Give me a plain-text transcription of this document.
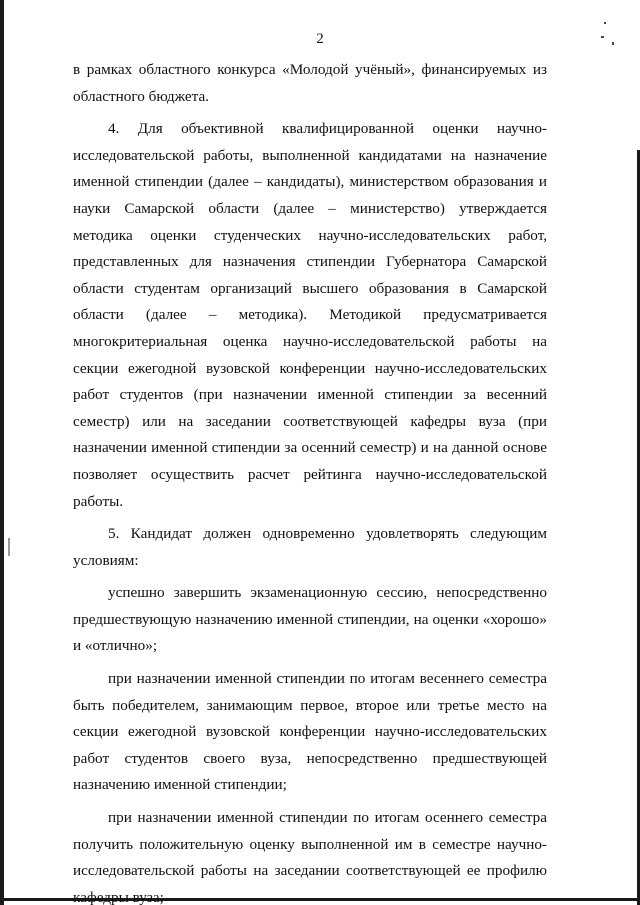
2

в рамках областного конкурса «Молодой учёный», финансируемых из областного бюджета.

4. Для объективной квалифицированной оценки научно-исследовательской работы, выполненной кандидатами на назначение именной стипендии (далее – кандидаты), министерством образования и науки Самарской области (далее – министерство) утверждается методика оценки студенческих научно-исследовательских работ, представленных для назначения стипендии Губернатора Самарской области студентам организаций высшего образования в Самарской области (далее – методика). Методикой предусматривается многокритериальная оценка научно-исследовательской работы на секции ежегодной вузовской конференции научно-исследовательских работ студентов (при назначении именной стипендии за весенний семестр) или на заседании соответствующей кафедры вуза (при назначении именной стипендии за осенний семестр) и на данной основе позволяет осуществить расчет рейтинга научно-исследовательской работы.

5. Кандидат должен одновременно удовлетворять следующим условиям:

успешно завершить экзаменационную сессию, непосредственно предшествующую назначению именной стипендии, на оценки «хорошо» и «отлично»;

при назначении именной стипендии по итогам весеннего семестра быть победителем, занимающим первое, второе или третье место на секции ежегодной вузовской конференции научно-исследовательских работ студентов своего вуза, непосредственно предшествующей назначению именной стипендии;

при назначении именной стипендии по итогам осеннего семестра получить положительную оценку выполненной им в семестре научно-исследовательской работы на заседании соответствующей ее профилю кафедры вуза;
